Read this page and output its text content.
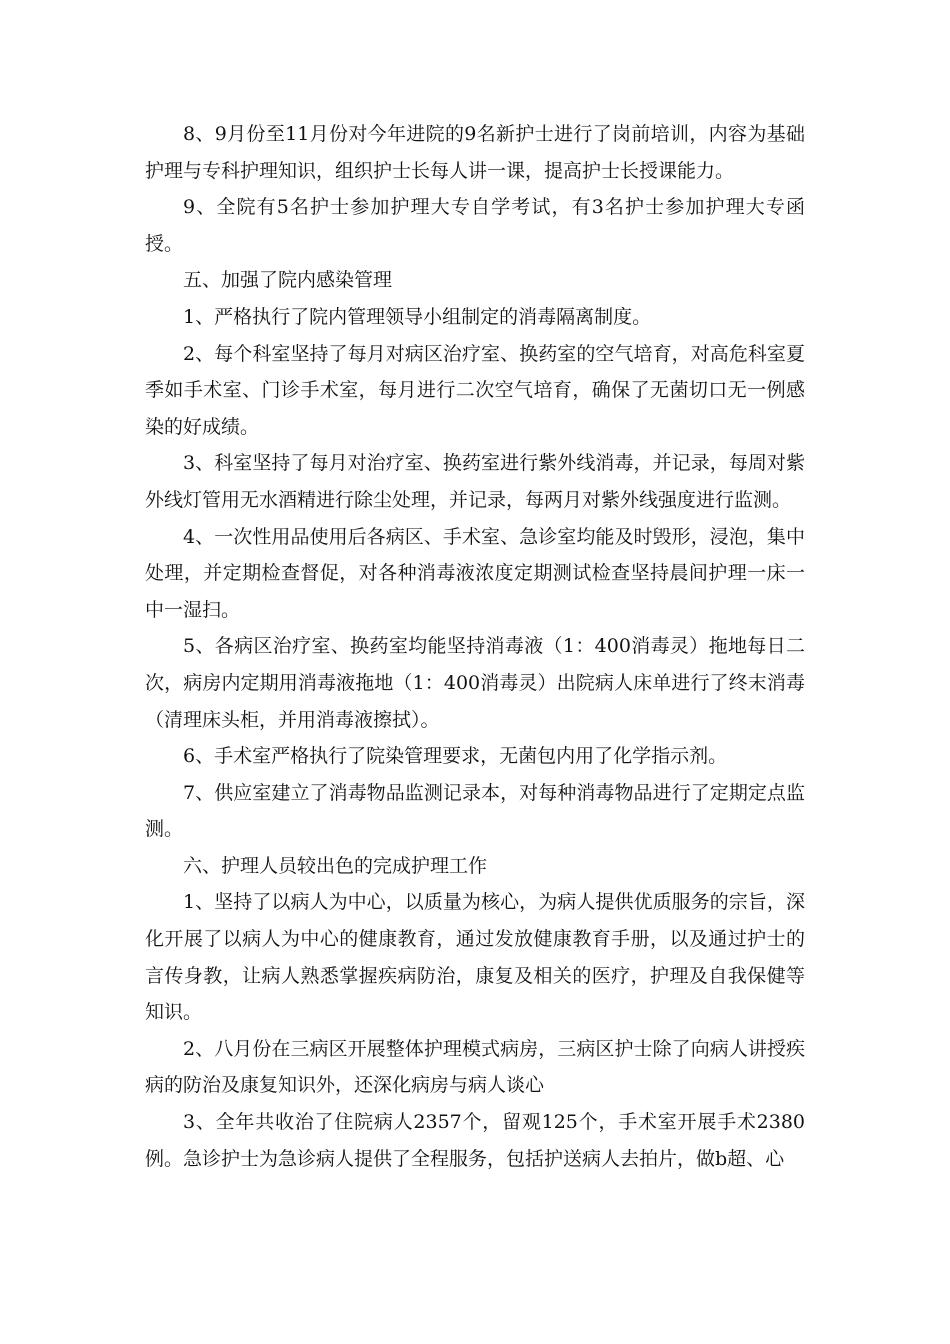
8、9月份至11月份对今年进院的9名新护士进行了岗前培训，内容为基础护理与专科护理知识，组织护士长每人讲一课，提高护士长授课能力。

9、全院有5名护士参加护理大专自学考试，有3名护士参加护理大专函授。

五、加强了院内感染管理

1、严格执行了院内管理领导小组制定的消毒隔离制度。

2、每个科室坚持了每月对病区治疗室、换药室的空气培育，对高危科室夏季如手术室、门诊手术室，每月进行二次空气培育，确保了无菌切口无一例感染的好成绩。

3、科室坚持了每月对治疗室、换药室进行紫外线消毒，并记录，每周对紫外线灯管用无水酒精进行除尘处理，并记录，每两月对紫外线强度进行监测。

4、一次性用品使用后各病区、手术室、急诊室均能及时毁形，浸泡，集中处理，并定期检查督促，对各种消毒液浓度定期测试检查坚持晨间护理一床一中一湿扫。

5、各病区治疗室、换药室均能坚持消毒液（1：400消毒灵）拖地每日二次，病房内定期用消毒液拖地（1：400消毒灵）出院病人床单进行了终末消毒（清理床头柜，并用消毒液擦拭）。

6、手术室严格执行了院染管理要求，无菌包内用了化学指示剂。

7、供应室建立了消毒物品监测记录本，对每种消毒物品进行了定期定点监测。

六、护理人员较出色的完成护理工作

1、坚持了以病人为中心，以质量为核心，为病人提供优质服务的宗旨，深化开展了以病人为中心的健康教育，通过发放健康教育手册，以及通过护士的言传身教，让病人熟悉掌握疾病防治，康复及相关的医疗，护理及自我保健等知识。

2、八月份在三病区开展整体护理模式病房，三病区护士除了向病人讲授疾病的防治及康复知识外，还深化病房与病人谈心

3、全年共收治了住院病人2357个，留观125个，手术室开展手术2380例。急诊护士为急诊病人提供了全程服务，包括护送病人去拍片，做b超、心
